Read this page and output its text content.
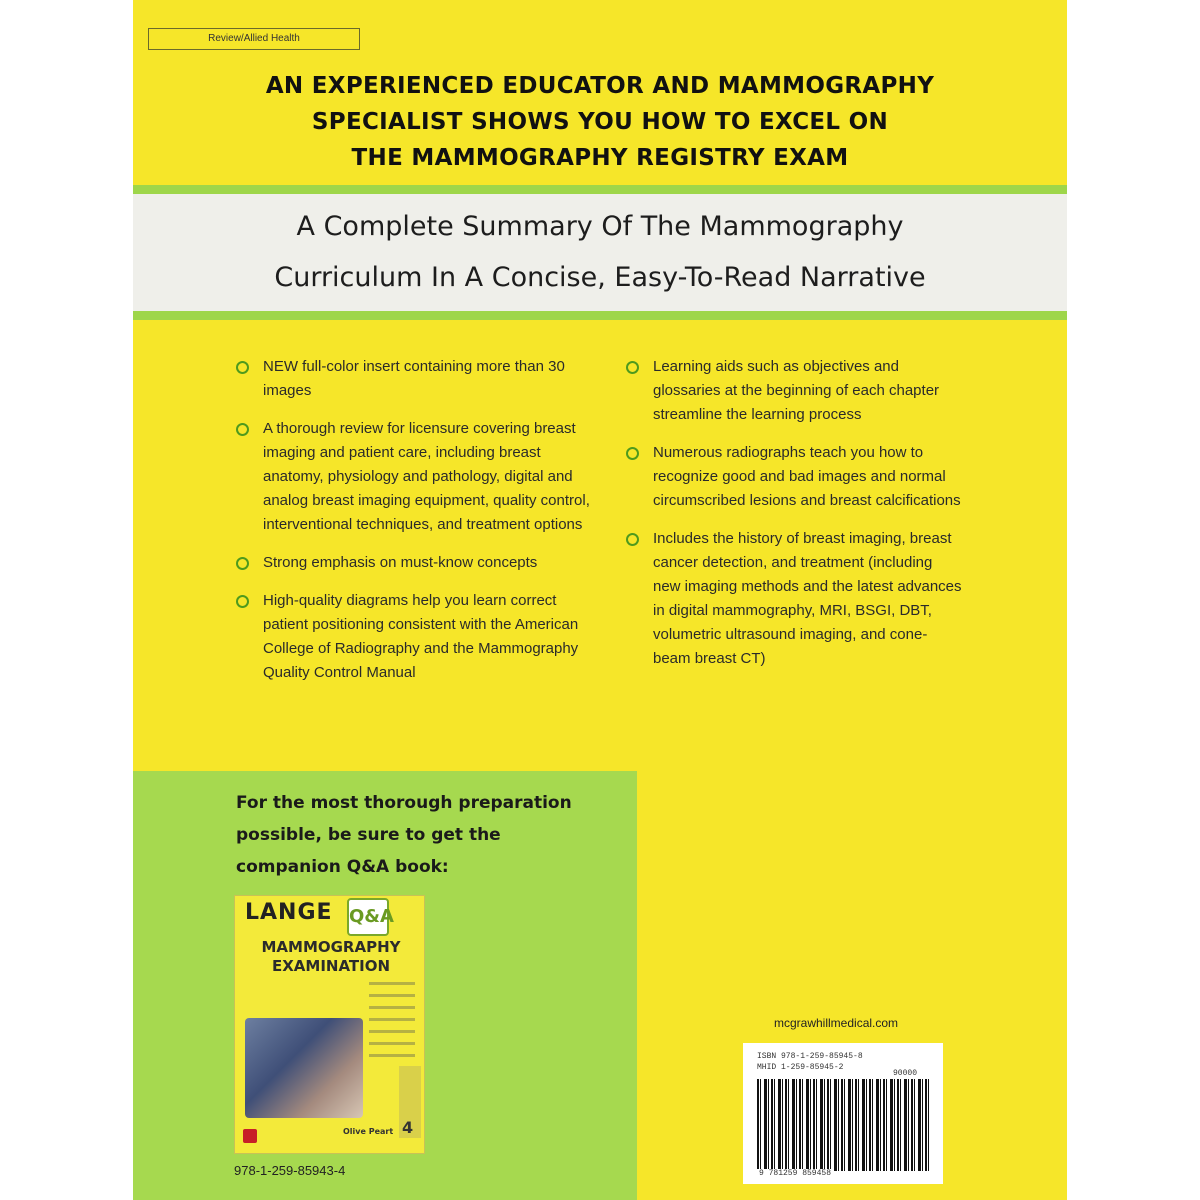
Review/Allied Health
AN EXPERIENCED EDUCATOR AND MAMMOGRAPHY
SPECIALIST SHOWS YOU HOW TO EXCEL ON
THE MAMMOGRAPHY REGISTRY EXAM
A Complete Summary Of The Mammography
Curriculum In A Concise, Easy-To-Read Narrative
NEW full-color insert containing more than 30 images
A thorough review for licensure covering breast imaging and patient care, including breast anatomy, physiology and pathology, digital and analog breast imaging equipment, quality control, interventional techniques, and treatment options
Strong emphasis on must-know concepts
High-quality diagrams help you learn correct patient positioning consistent with the American College of Radiography and the Mammography Quality Control Manual
Learning aids such as objectives and glossaries at the beginning of each chapter streamline the learning process
Numerous radiographs teach you how to recognize good and bad images and normal circumscribed lesions and breast calcifications
Includes the history of breast imaging, breast cancer detection, and treatment (including new imaging methods and the latest advances in digital mammography, MRI, BSGI, DBT, volumetric ultrasound imaging, and cone-beam breast CT)
For the most thorough preparation
possible, be sure to get the
companion Q&A book:
LANGE Q&A
MAMMOGRAPHY
EXAMINATION
4
Olive Peart
978-1-259-85943-4
mcgrawhillmedical.com
ISBN 978-1-259-85945-8
MHID 1-259-85945-2
9 781259 859458
90000
